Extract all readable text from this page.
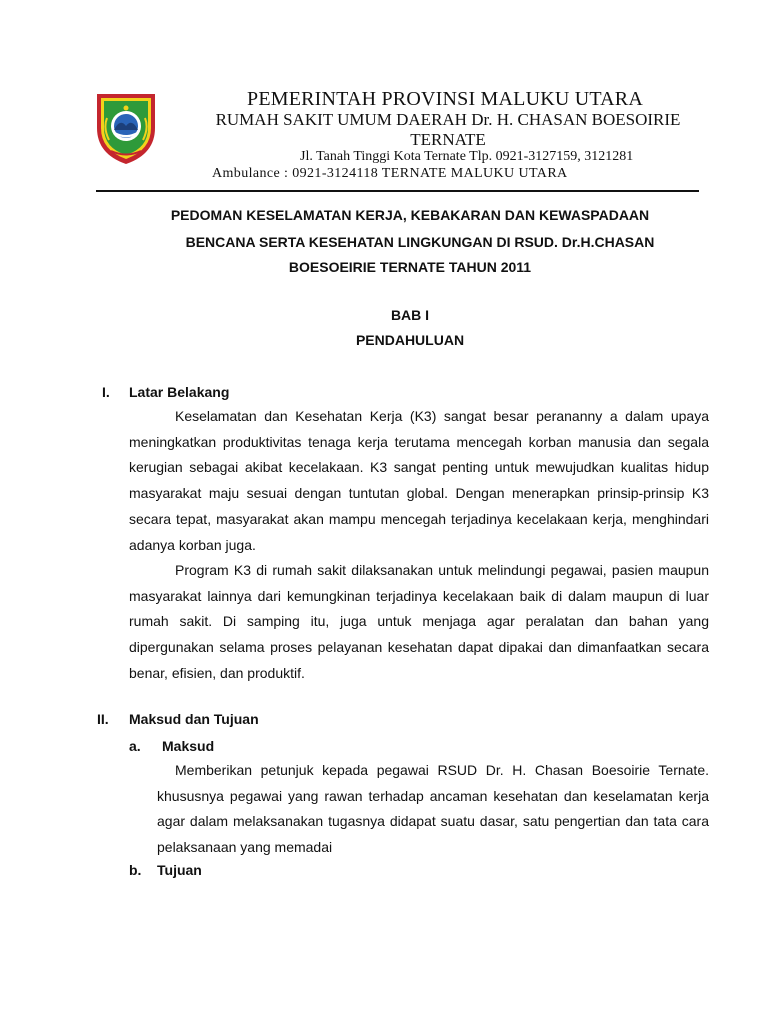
PEMERINTAH PROVINSI MALUKU UTARA
RUMAH SAKIT UMUM DAERAH Dr. H. CHASAN BOESOIRIE
TERNATE
Jl. Tanah Tinggi Kota Ternate Tlp. 0921-3127159, 3121281
Ambulance : 0921-3124118 TERNATE MALUKU UTARA
PEDOMAN KESELAMATAN KERJA, KEBAKARAN DAN KEWASPADAAN
BENCANA SERTA KESEHATAN LINGKUNGAN DI RSUD. Dr.H.CHASAN
BOESOEIRIE TERNATE TAHUN 2011
BAB I
PENDAHULUAN
I. Latar Belakang

Keselamatan dan Kesehatan Kerja (K3) sangat besar perananny a dalam upaya meningkatkan produktivitas tenaga kerja terutama mencegah korban manusia dan segala kerugian sebagai akibat kecelakaan. K3 sangat penting untuk mewujudkan kualitas hidup masyarakat maju sesuai dengan tuntutan global. Dengan menerapkan prinsip-prinsip K3 secara tepat, masyarakat akan mampu mencegah terjadinya kecelakaan kerja, menghindari adanya korban juga.

Program K3 di rumah sakit dilaksanakan untuk melindungi pegawai, pasien maupun masyarakat lainnya dari kemungkinan terjadinya kecelakaan baik di dalam maupun di luar rumah sakit. Di samping itu, juga untuk menjaga agar peralatan dan bahan yang dipergunakan selama proses pelayanan kesehatan dapat dipakai dan dimanfaatkan secara benar, efisien, dan produktif.

II. Maksud dan Tujuan
a. Maksud

Memberikan petunjuk kepada pegawai RSUD Dr. H. Chasan Boesoirie Ternate. khususnya pegawai yang rawan terhadap ancaman kesehatan dan keselamatan kerja agar dalam melaksanakan tugasnya didapat suatu dasar, satu pengertian dan tata cara pelaksanaan yang memadai

b. Tujuan
